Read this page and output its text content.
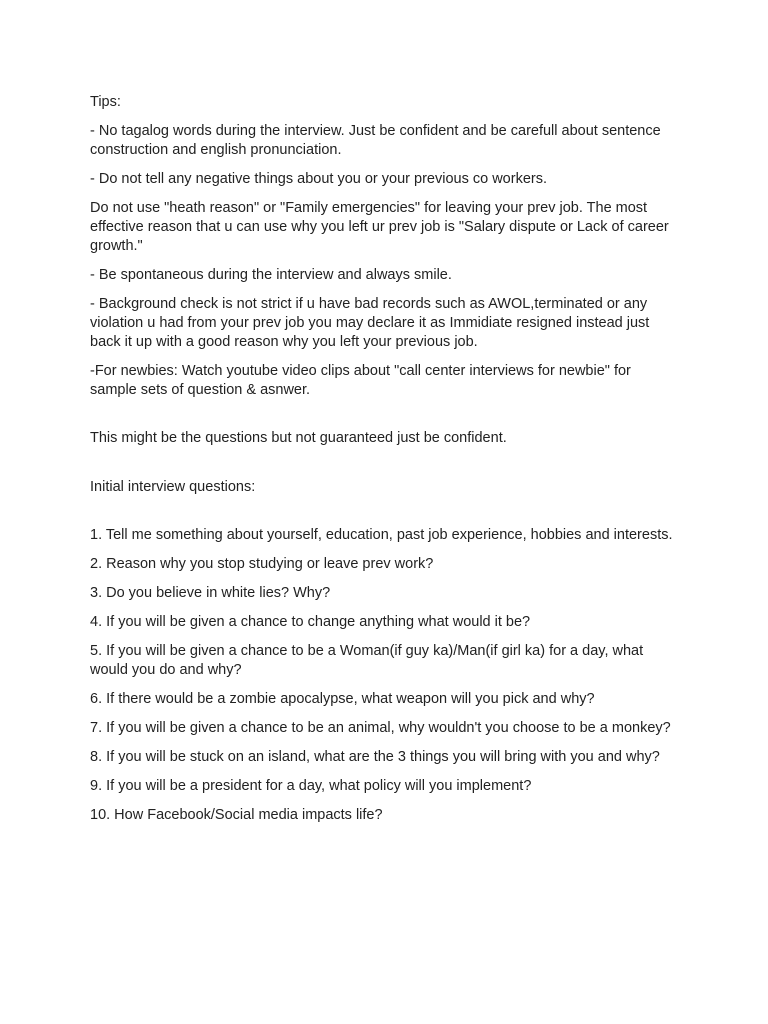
Tips:

- No tagalog words during the interview. Just be confident and be carefull about sentence construction and english pronunciation.

- Do not tell any negative things about you or your previous co workers.

Do not use "heath reason" or "Family emergencies" for leaving your prev job. The most effective reason that u can use why you left ur prev job is "Salary dispute or Lack of career growth."

- Be spontaneous during the interview and always smile.

- Background check is not strict if u have bad records such as AWOL,terminated or any violation u had from your prev job you may declare it as Immidiate resigned instead just back it up with a good reason why you left your previous job.

-For newbies: Watch youtube video clips about "call center interviews for newbie" for sample sets of question & asnwer.

This might be the questions but not guaranteed just be confident.

Initial interview questions:

1. Tell me something about yourself, education, past job experience, hobbies and interests.
2. Reason why you stop studying or leave prev work?
3. Do you believe in white lies? Why?
4. If you will be given a chance to change anything what would it be?
5. If you will be given a chance to be a Woman(if guy ka)/Man(if girl ka) for a day, what would you do and why?
6. If there would be a zombie apocalypse, what weapon will you pick and why?
7. If you will be given a chance to be an animal, why wouldn't you choose to be a monkey?
8. If you will be stuck on an island, what are the 3 things you will bring with you and why?
9. If you will be a president for a day, what policy will you implement?
10. How Facebook/Social media impacts life?
